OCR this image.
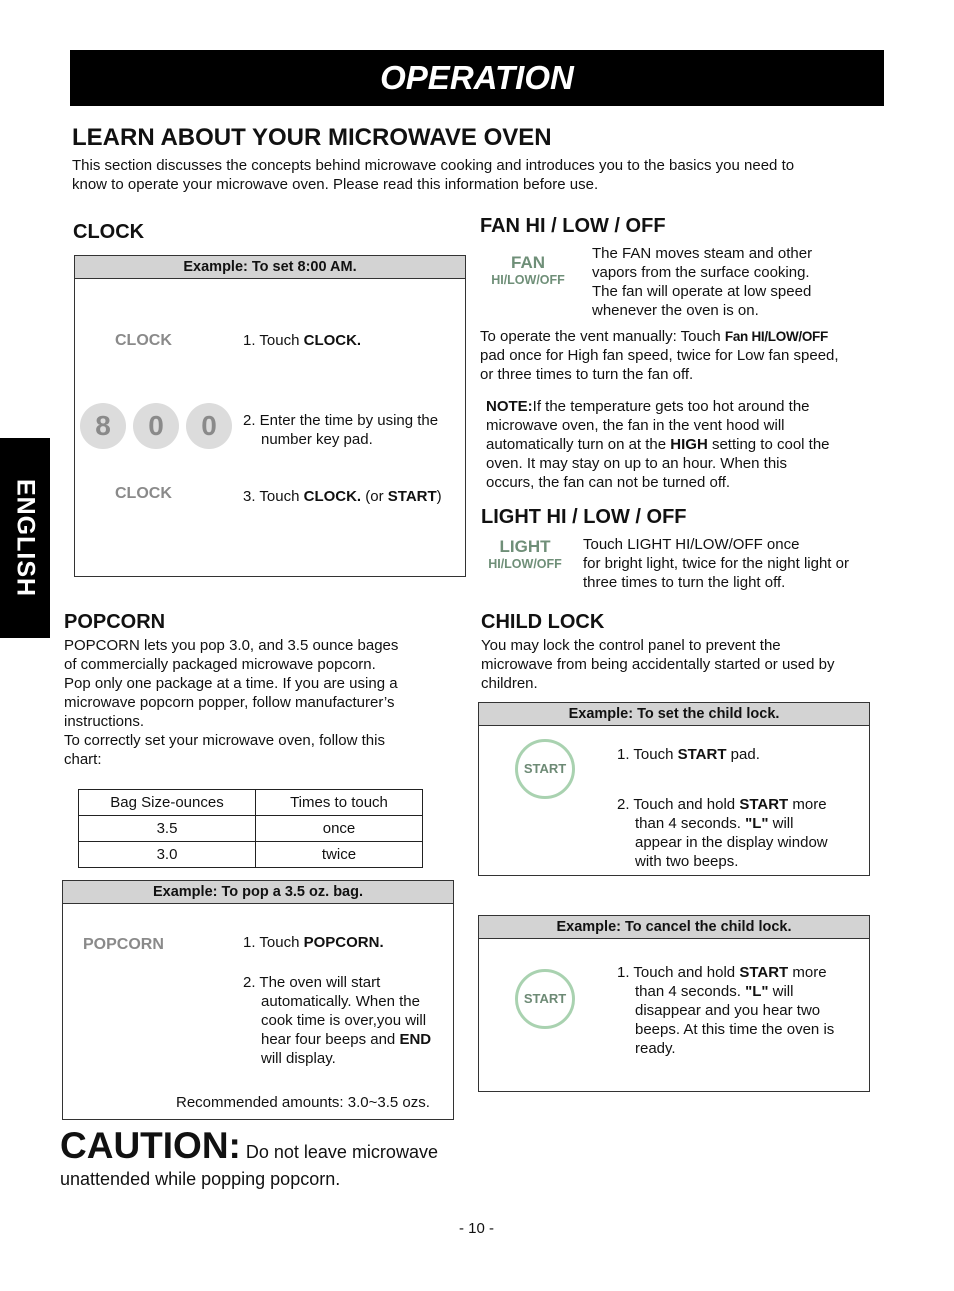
OPERATION
ENGLISH
LEARN ABOUT YOUR MICROWAVE OVEN
This section discusses the concepts behind microwave cooking and introduces you to the basics you need to
know to operate your microwave oven. Please read this information before use.
CLOCK
Example: To set 8:00 AM.
CLOCK	1. Touch CLOCK.
8	0	0	2. Enter the time by using the
number key pad.
CLOCK	3. Touch CLOCK. (or START)
FAN HI / LOW / OFF
FAN
HI/LOW/OFF
The FAN moves steam and other
vapors from the surface cooking.
The fan will operate at low speed
whenever the oven is on.
To operate the vent manually: Touch Fan HI/LOW/OFF
pad once for High fan speed, twice for Low fan speed,
or three times to turn the fan off.
NOTE:If the temperature gets too hot around the
microwave oven, the fan in the vent hood will
automatically turn on at the HIGH setting to cool the
oven. It may stay on up to an hour. When this
occurs, the fan can not be turned off.
LIGHT HI / LOW / OFF
LIGHT
HI/LOW/OFF
Touch LIGHT HI/LOW/OFF once
for bright light, twice for the night light or
three times to turn the light off.
POPCORN
POPCORN lets you pop 3.0, and 3.5 ounce bages
of commercially packaged microwave popcorn.
Pop only one package at a time. If you are using a
microwave popcorn popper, follow manufacturer’s
instructions.
To correctly set your microwave oven, follow this
chart:
Bag Size-ounces	Times to touch
3.5	once
3.0	twice
Example: To pop a 3.5 oz. bag.
POPCORN	1. Touch POPCORN.
2. The oven will start
automatically. When the
cook time is over,you will
hear four beeps and END
will display.
Recommended amounts: 3.0~3.5 ozs.
CHILD LOCK
You may lock the control panel to prevent the
microwave from being accidentally started or used by
children.
Example: To set the child lock.
START
1. Touch START pad.
2. Touch and hold START more
than 4 seconds. "L" will
appear in the display window
with two beeps.
Example: To cancel the child lock.
START
1. Touch and hold START more
than 4 seconds. "L" will
disappear and you hear two
beeps. At this time the oven is
ready.
CAUTION: Do not leave microwave
unattended while popping popcorn.
- 10 -
